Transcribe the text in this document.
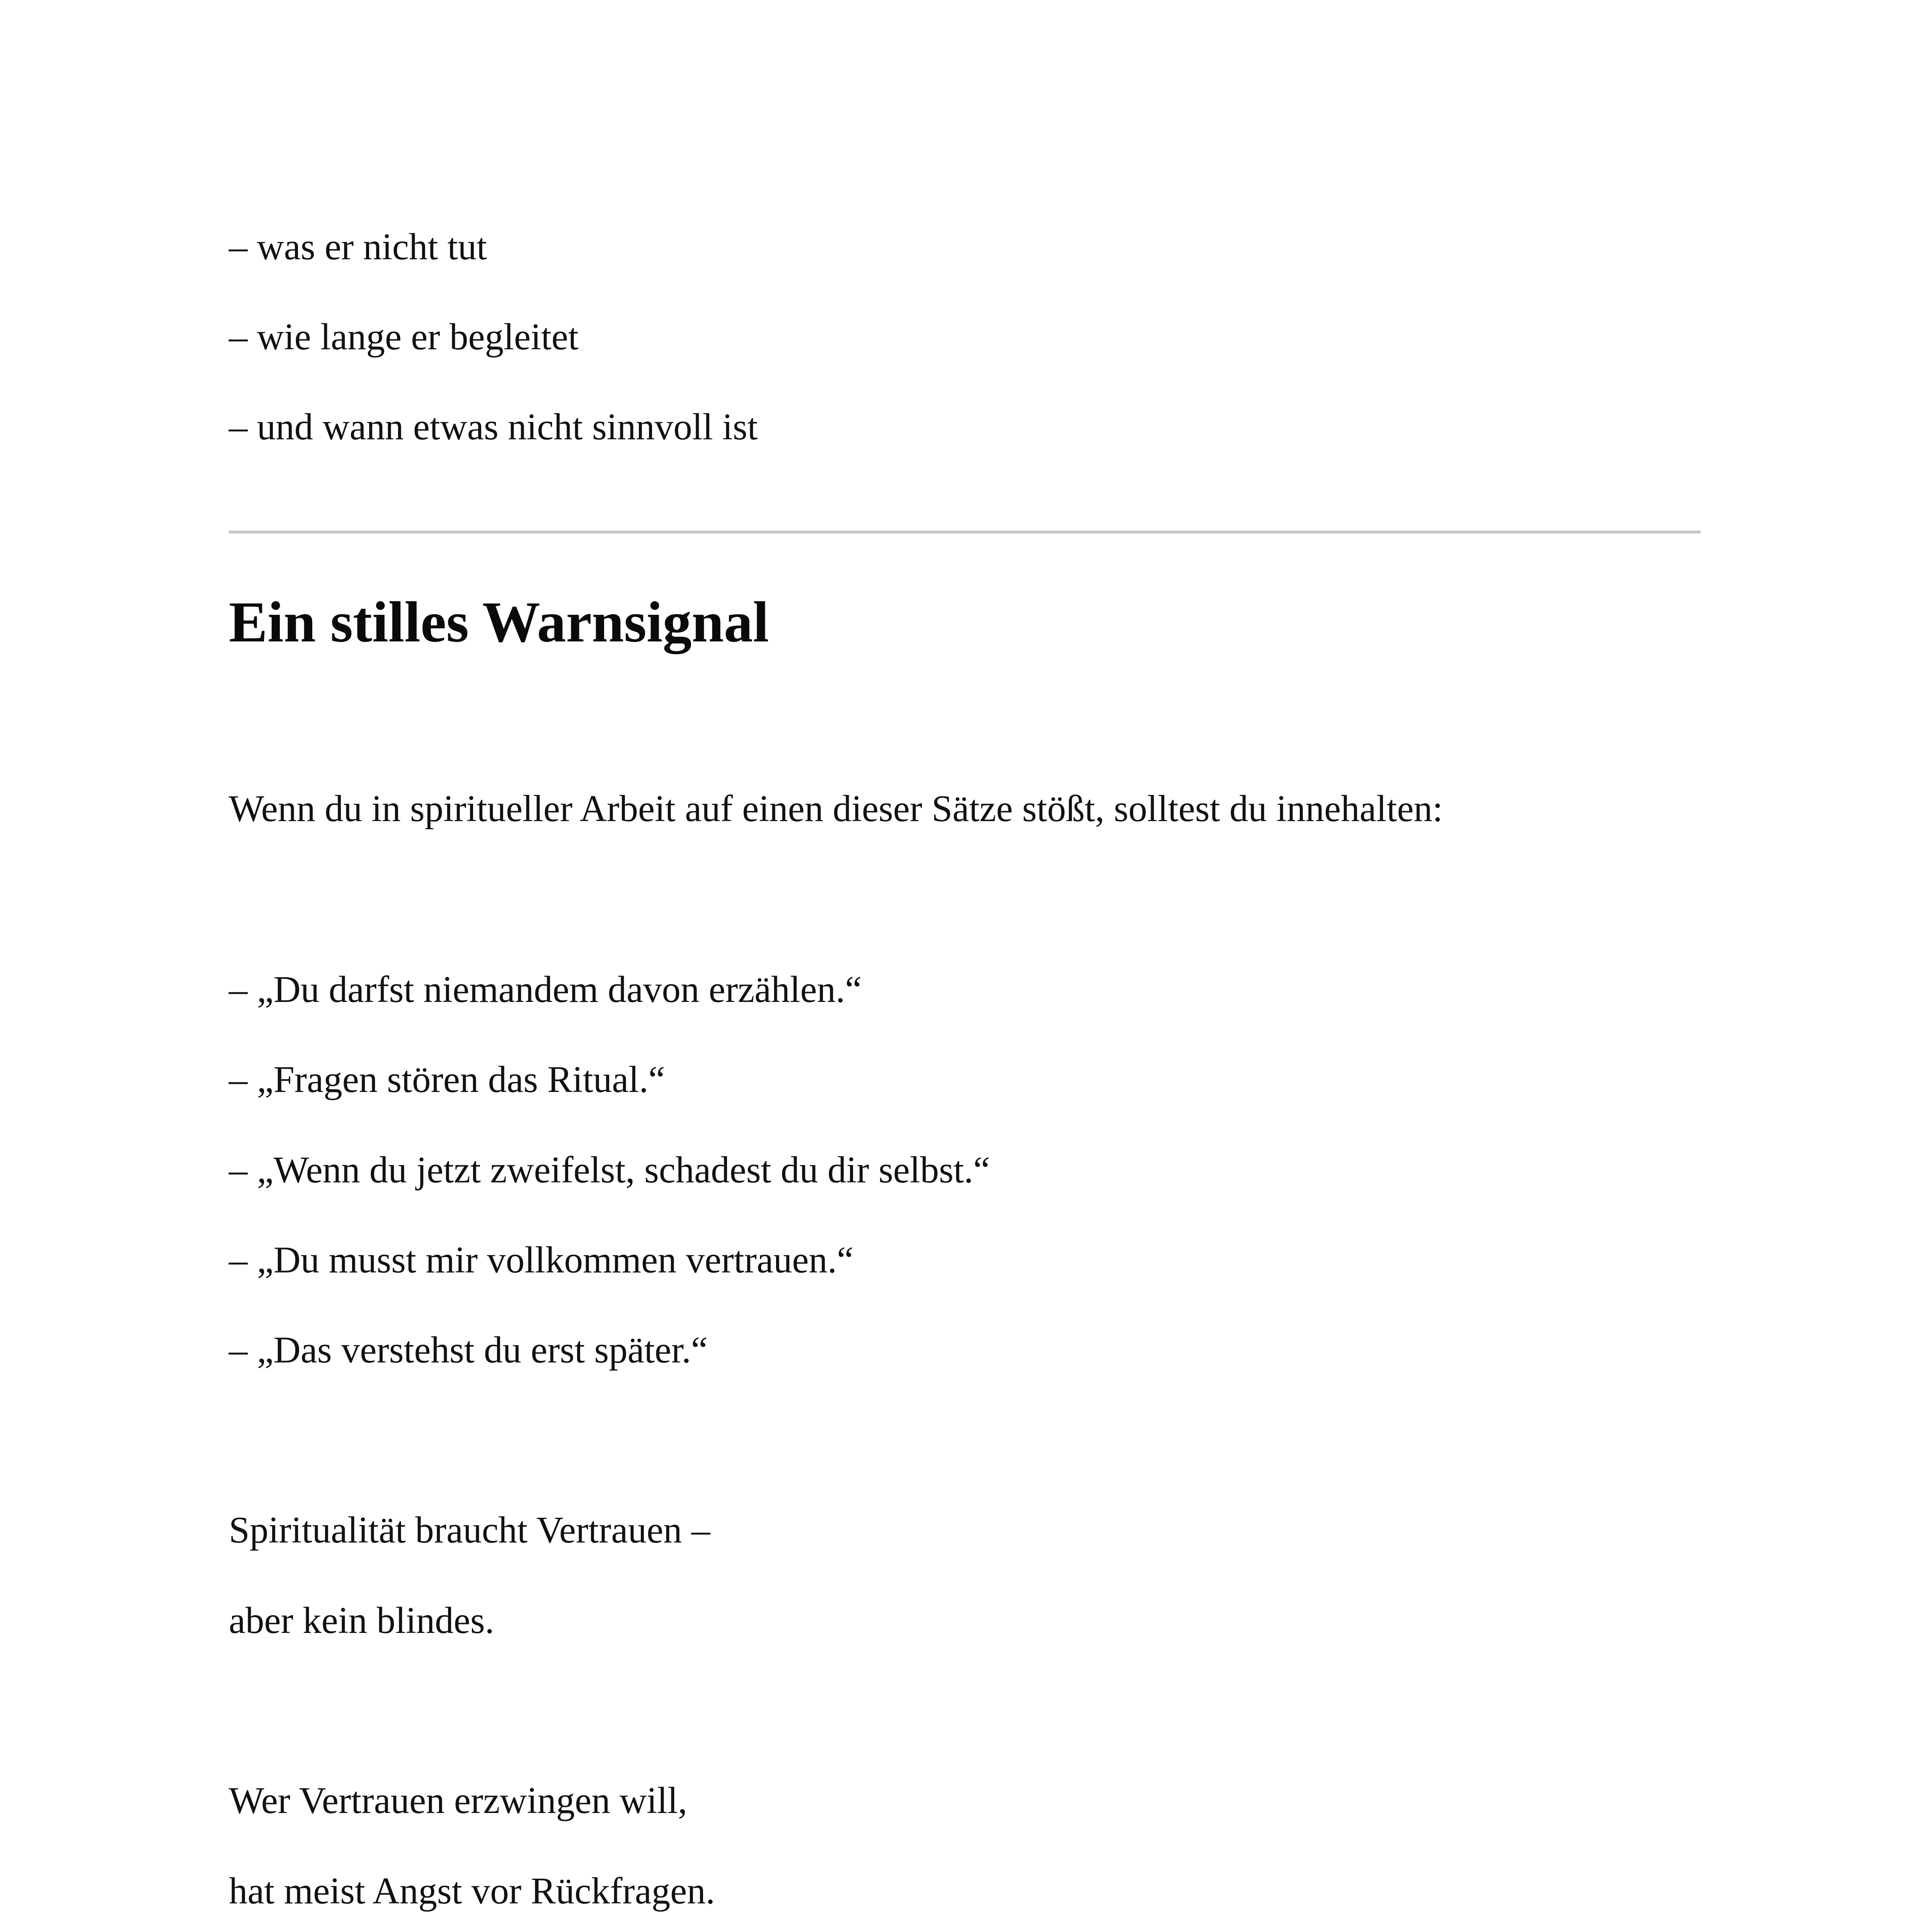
– was er nicht tut

– wie lange er begleitet

– und wann etwas nicht sinnvoll ist

Ein stilles Warnsignal

Wenn du in spiritueller Arbeit auf einen dieser Sätze stößt, solltest du innehalten:

– „Du darfst niemandem davon erzählen.“

– „Fragen stören das Ritual.“

– „Wenn du jetzt zweifelst, schadest du dir selbst.“

– „Du musst mir vollkommen vertrauen.“

– „Das verstehst du erst später.“

Spiritualität braucht Vertrauen –

aber kein blindes.

Wer Vertrauen erzwingen will,

hat meist Angst vor Rückfragen.
